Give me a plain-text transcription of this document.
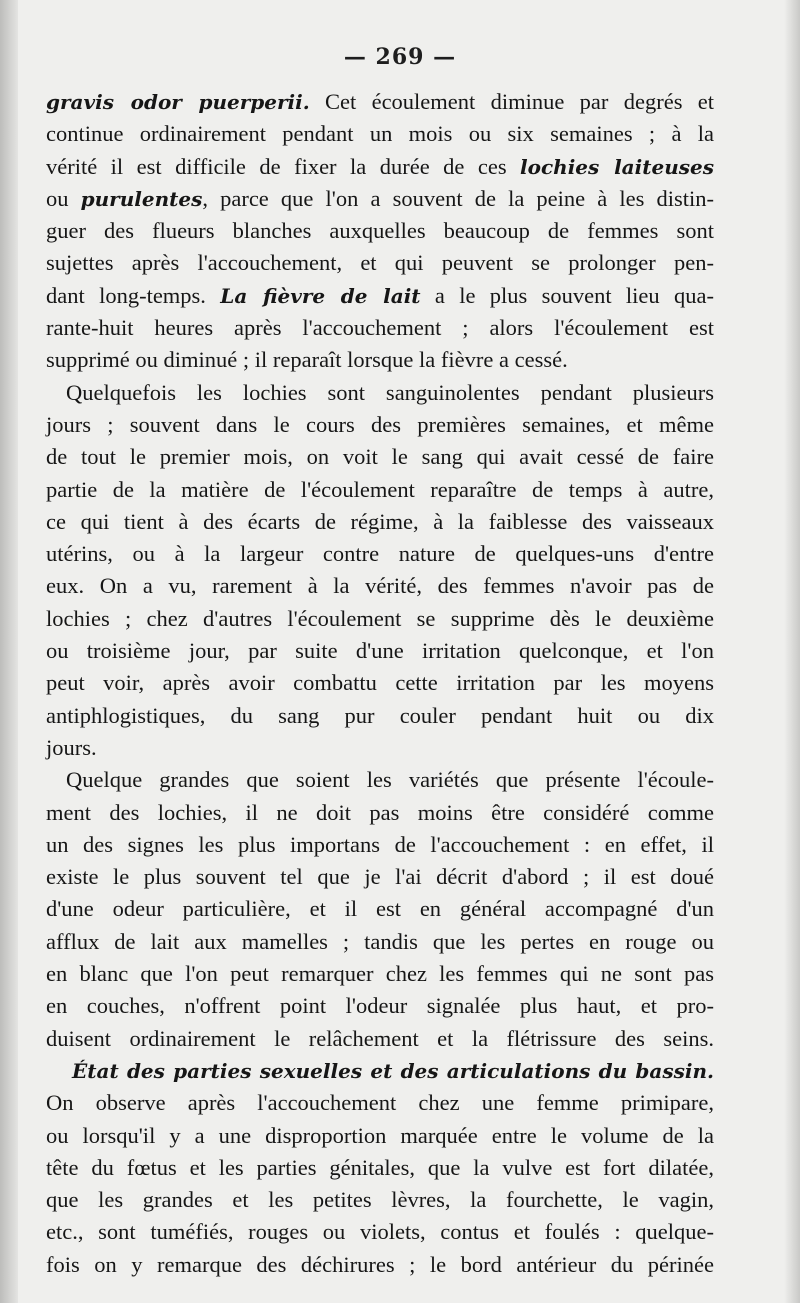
— 269 —
gravis odor puerperii. Cet écoulement diminue par degrés et
continue ordinairement pendant un mois ou six semaines ; à la
vérité il est difficile de fixer la durée de ces lochies laiteuses
ou purulentes, parce que l'on a souvent de la peine à les distin-
guer des flueurs blanches auxquelles beaucoup de femmes sont
sujettes après l'accouchement, et qui peuvent se prolonger pen-
dant long-temps. La fièvre de lait a le plus souvent lieu qua-
rante-huit heures après l'accouchement ; alors l'écoulement est
supprimé ou diminué ; il reparaît lorsque la fièvre a cessé.
Quelquefois les lochies sont sanguinolentes pendant plusieurs
jours ; souvent dans le cours des premières semaines, et même
de tout le premier mois, on voit le sang qui avait cessé de faire
partie de la matière de l'écoulement reparaître de temps à autre,
ce qui tient à des écarts de régime, à la faiblesse des vaisseaux
utérins, ou à la largeur contre nature de quelques-uns d'entre
eux. On a vu, rarement à la vérité, des femmes n'avoir pas de
lochies ; chez d'autres l'écoulement se supprime dès le deuxième
ou troisième jour, par suite d'une irritation quelconque, et l'on
peut voir, après avoir combattu cette irritation par les moyens
antiphlogistiques, du sang pur couler pendant huit ou dix
jours.
Quelque grandes que soient les variétés que présente l'écoule-
ment des lochies, il ne doit pas moins être considéré comme
un des signes les plus importans de l'accouchement : en effet, il
existe le plus souvent tel que je l'ai décrit d'abord ; il est doué
d'une odeur particulière, et il est en général accompagné d'un
afflux de lait aux mamelles ; tandis que les pertes en rouge ou
en blanc que l'on peut remarquer chez les femmes qui ne sont pas
en couches, n'offrent point l'odeur signalée plus haut, et pro-
duisent ordinairement le relâchement et la flétrissure des seins.
État des parties sexuelles et des articulations du bassin.
On observe après l'accouchement chez une femme primipare,
ou lorsqu'il y a une disproportion marquée entre le volume de la
tête du fœtus et les parties génitales, que la vulve est fort dilatée,
que les grandes et les petites lèvres, la fourchette, le vagin,
etc., sont tuméfiés, rouges ou violets, contus et foulés : quelque-
fois on y remarque des déchirures ; le bord antérieur du périnée
